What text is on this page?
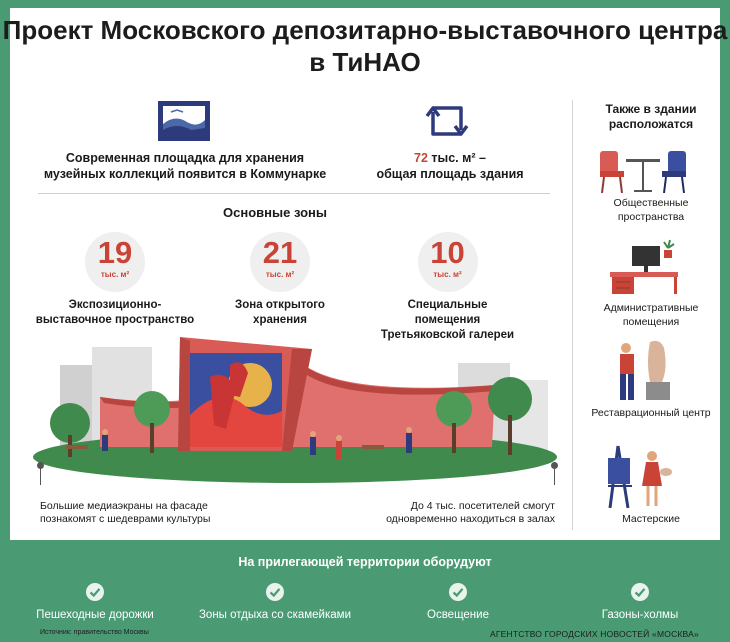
Проект Московского депозитарно-выставочного центра в ТиНАО
Современная площадка для хранения музейных коллекций появится в Коммунарке
72 тыс. м² –
общая площадь здания
Основные зоны
19
тыс. м²
Экспозиционно-выставочное пространство
21
тыс. м²
Зона открытого хранения
10
тыс. м²
Специальные помещения Третьяковской галереи
Большие медиаэкраны на фасаде познакомят с шедеврами культуры
До 4 тыс. посетителей смогут одновременно находиться в залах
Также в здании расположатся
Общественные пространства
Административные помещения
Реставрационный центр
Мастерские
На прилегающей территории оборудуют
Пешеходные дорожки	Зоны отдыха со скамейками	Освещение	Газоны-холмы
Источник: правительство Москвы	АГЕНТСТВО ГОРОДСКИХ НОВОСТЕЙ «МОСКВА»
